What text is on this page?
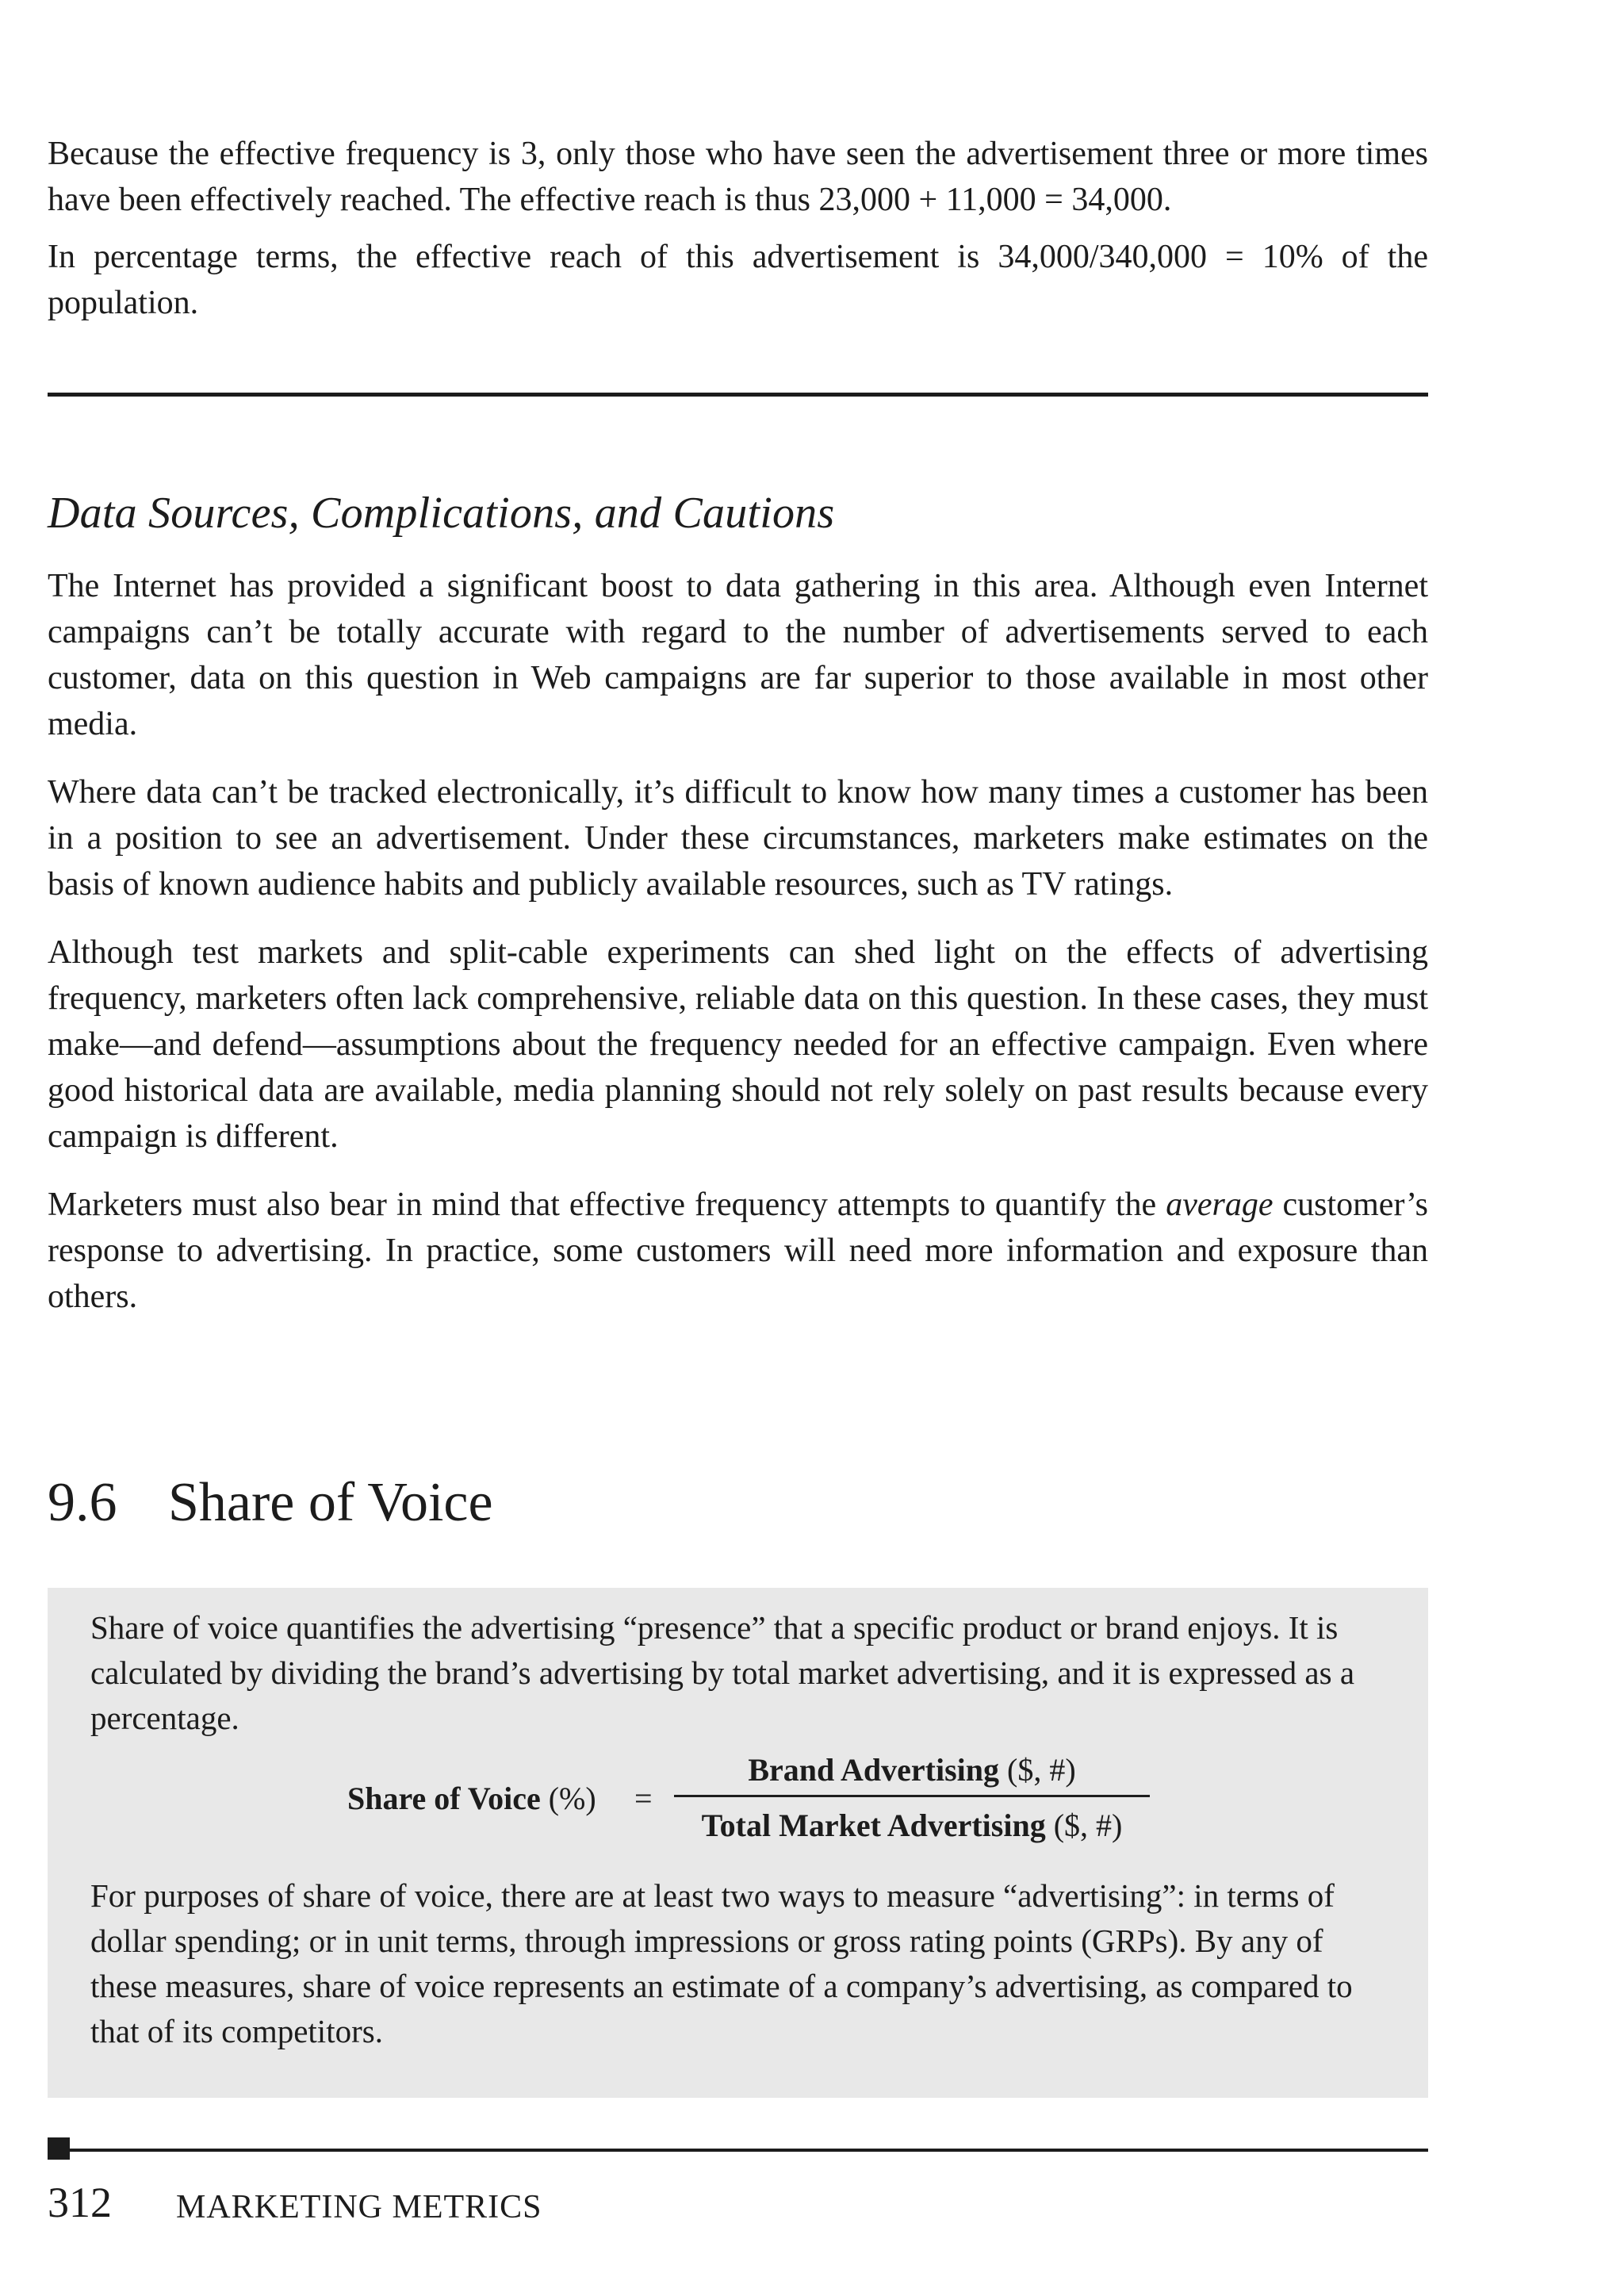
Because the effective frequency is 3, only those who have seen the advertisement three or more times have been effectively reached. The effective reach is thus 23,000 + 11,000 = 34,000.

In percentage terms, the effective reach of this advertisement is 34,000/340,000 = 10% of the population.

Data Sources, Complications, and Cautions

The Internet has provided a significant boost to data gathering in this area. Although even Internet campaigns can’t be totally accurate with regard to the number of advertisements served to each customer, data on this question in Web campaigns are far superior to those available in most other media.

Where data can’t be tracked electronically, it’s difficult to know how many times a customer has been in a position to see an advertisement. Under these circumstances, marketers make estimates on the basis of known audience habits and publicly available resources, such as TV ratings.

Although test markets and split-cable experiments can shed light on the effects of advertising frequency, marketers often lack comprehensive, reliable data on this question. In these cases, they must make—and defend—assumptions about the frequency needed for an effective campaign. Even where good historical data are available, media planning should not rely solely on past results because every campaign is different.

Marketers must also bear in mind that effective frequency attempts to quantify the average customer’s response to advertising. In practice, some customers will need more information and exposure than others.

9.6 Share of Voice

Share of voice quantifies the advertising “presence” that a specific product or brand enjoys. It is calculated by dividing the brand’s advertising by total market advertising, and it is expressed as a percentage.

Share of Voice (%) =
Brand Advertising ($, #)
Total Market Advertising ($, #)

For purposes of share of voice, there are at least two ways to measure “advertising”: in terms of dollar spending; or in unit terms, through impressions or gross rating points (GRPs). By any of these measures, share of voice represents an estimate of a company’s advertising, as compared to that of its competitors.

312 MARKETING METRICS
